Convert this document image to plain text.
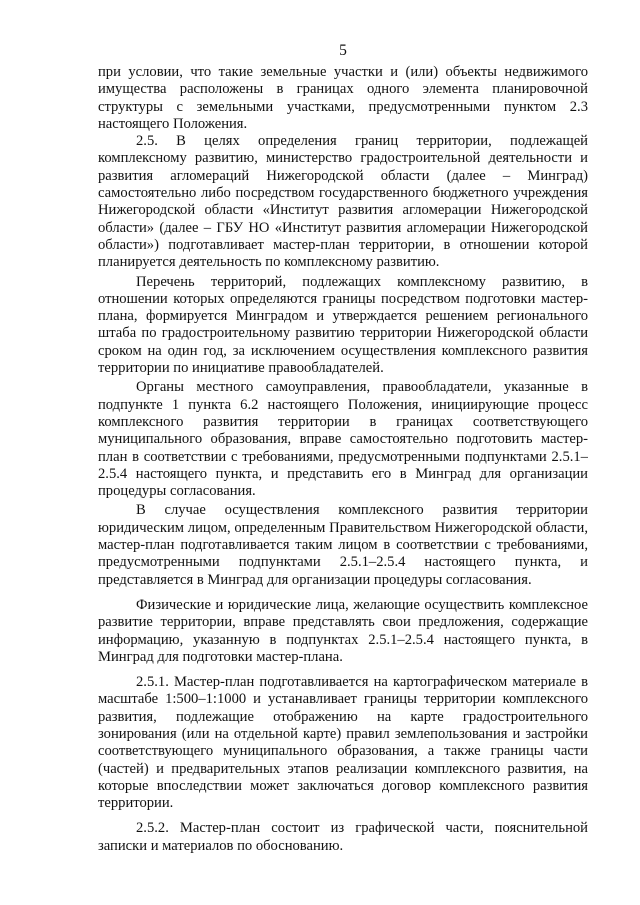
5

при условии, что такие земельные участки и (или) объекты недвижимого имущества расположены в границах одного элемента планировочной структуры с земельными участками, предусмотренными пунктом 2.3 настоящего Положения.

2.5. В целях определения границ территории, подлежащей комплексному развитию, министерство градостроительной деятельности и развития агломераций Нижегородской области (далее – Минград) самостоятельно либо посредством государственного бюджетного учреждения Нижегородской области «Институт развития агломерации Нижегородской области» (далее – ГБУ НО «Институт развития агломерации Нижегородской области») подготавливает мастер-план территории, в отношении которой планируется деятельность по комплексному развитию.

Перечень территорий, подлежащих комплексному развитию, в отношении которых определяются границы посредством подготовки мастер-плана, формируется Минградом и утверждается решением регионального штаба по градостроительному развитию территории Нижегородской области сроком на один год, за исключением осуществления комплексного развития территории по инициативе правообладателей.

Органы местного самоуправления, правообладатели, указанные в подпункте 1 пункта 6.2 настоящего Положения, инициирующие процесс комплексного развития территории в границах соответствующего муниципального образования, вправе самостоятельно подготовить мастер-план в соответствии с требованиями, предусмотренными подпунктами 2.5.1–2.5.4 настоящего пункта, и представить его в Минград для организации процедуры согласования.

В случае осуществления комплексного развития территории юридическим лицом, определенным Правительством Нижегородской области, мастер-план подготавливается таким лицом в соответствии с требованиями, предусмотренными подпунктами 2.5.1–2.5.4 настоящего пункта, и представляется в Минград для организации процедуры согласования.

Физические и юридические лица, желающие осуществить комплексное развитие территории, вправе представлять свои предложения, содержащие информацию, указанную в подпунктах 2.5.1–2.5.4 настоящего пункта, в Минград для подготовки мастер-плана.

2.5.1. Мастер-план подготавливается на картографическом материале в масштабе 1:500–1:1000 и устанавливает границы территории комплексного развития, подлежащие отображению на карте градостроительного зонирования (или на отдельной карте) правил землепользования и застройки соответствующего муниципального образования, а также границы части (частей) и предварительных этапов реализации комплексного развития, на которые впоследствии может заключаться договор комплексного развития территории.

2.5.2. Мастер-план состоит из графической части, пояснительной записки и материалов по обоснованию.
